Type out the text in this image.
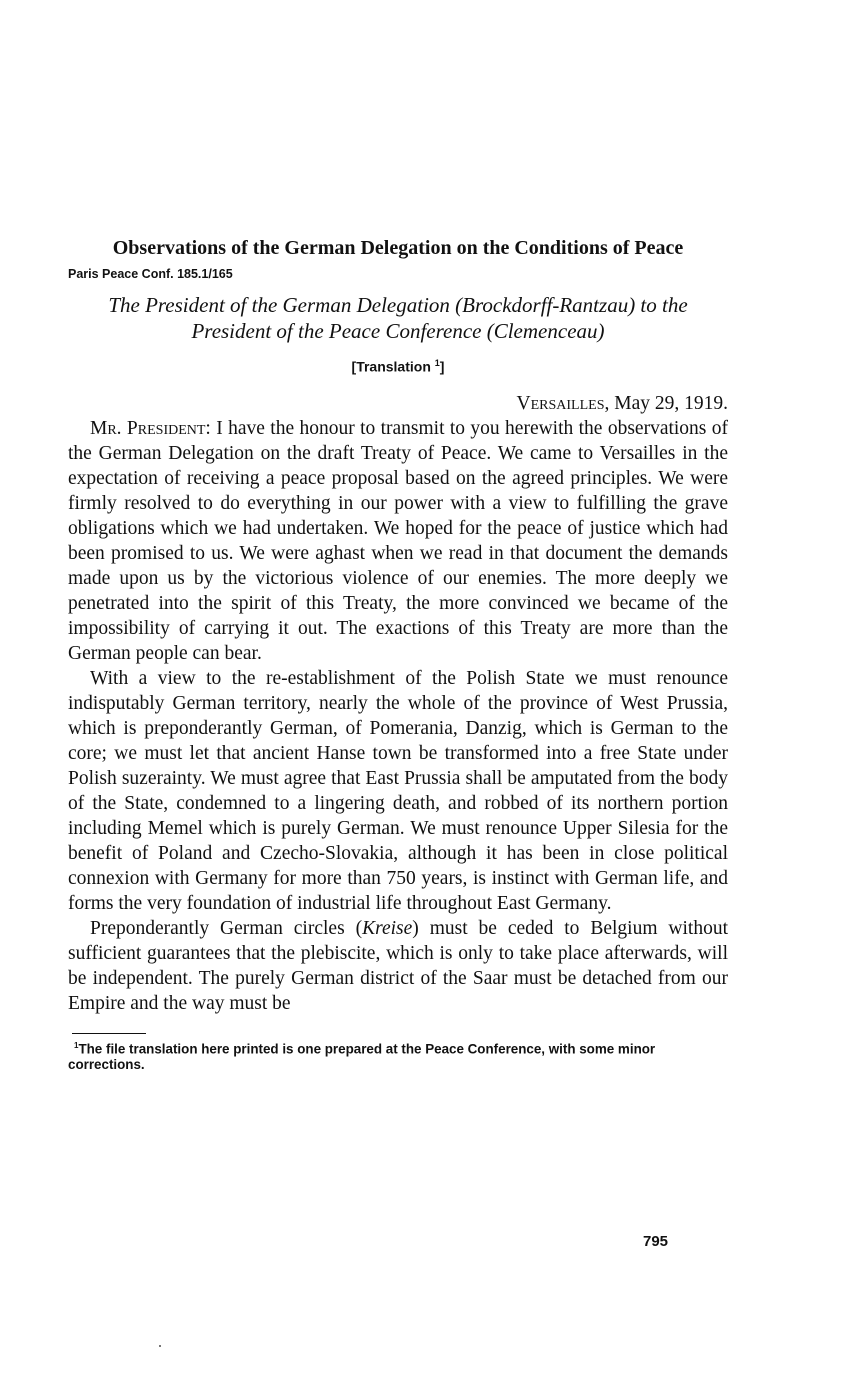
Observations of the German Delegation on the Conditions of Peace
Paris Peace Conf. 185.1/165
The President of the German Delegation (Brockdorff-Rantzau) to the President of the Peace Conference (Clemenceau)
[Translation $^1$]

Versailles, May 29, 1919.

Mr. President: I have the honour to transmit to you herewith the observations of the German Delegation on the draft Treaty of Peace. We came to Versailles in the expectation of receiving a peace proposal based on the agreed principles. We were firmly resolved to do everything in our power with a view to fulfilling the grave obligations which we had undertaken. We hoped for the peace of justice which had been promised to us. We were aghast when we read in that document the demands made upon us by the victorious violence of our enemies. The more deeply we penetrated into the spirit of this Treaty, the more convinced we became of the impossibility of carrying it out. The exactions of this Treaty are more than the German people can bear.

With a view to the re-establishment of the Polish State we must renounce indisputably German territory, nearly the whole of the province of West Prussia, which is preponderantly German, of Pomerania, Danzig, which is German to the core; we must let that ancient Hanse town be transformed into a free State under Polish suzerainty. We must agree that East Prussia shall be amputated from the body of the State, condemned to a lingering death, and robbed of its northern portion including Memel which is purely German. We must renounce Upper Silesia for the benefit of Poland and Czecho-Slovakia, although it has been in close political connexion with Germany for more than 750 years, is instinct with German life, and forms the very foundation of industrial life throughout East Germany.

Preponderantly German circles (Kreise) must be ceded to Belgium without sufficient guarantees that the plebiscite, which is only to take place afterwards, will be independent. The purely German district of the Saar must be detached from our Empire and the way must be

$^1$The file translation here printed is one prepared at the Peace Conference, with some minor corrections.

795
